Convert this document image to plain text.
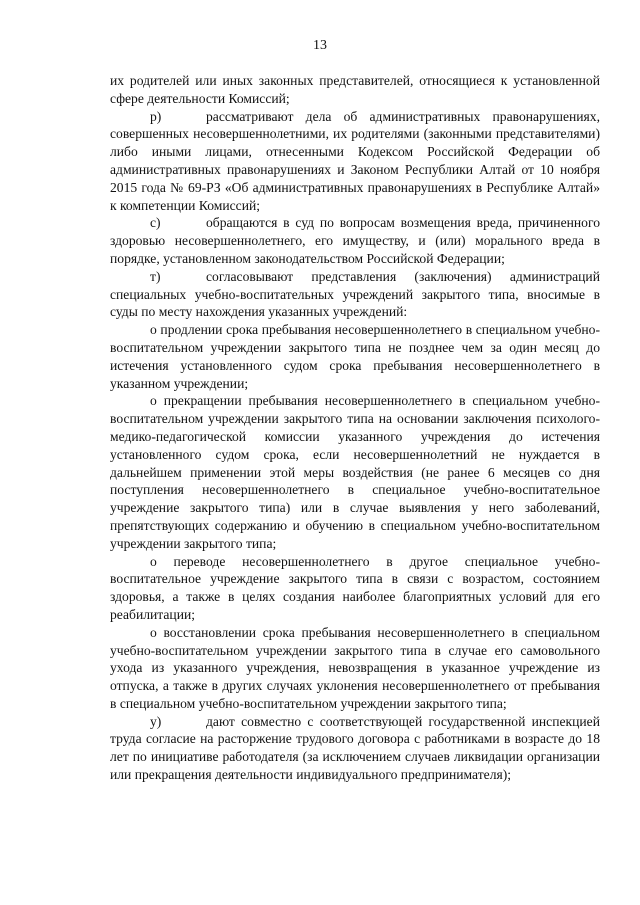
13

их родителей или иных законных представителей, относящиеся к установленной сфере деятельности Комиссий;

р)	рассматривают дела об административных правонарушениях, совершенных несовершеннолетними, их родителями (законными представителями) либо иными лицами, отнесенными Кодексом Российской Федерации об административных правонарушениях и Законом Республики Алтай от 10 ноября 2015 года № 69-РЗ «Об административных правонарушениях в Республике Алтай» к компетенции Комиссий;

с)	обращаются в суд по вопросам возмещения вреда, причиненного здоровью несовершеннолетнего, его имуществу, и (или) морального вреда в порядке, установленном законодательством Российской Федерации;

т)	согласовывают представления (заключения) администраций специальных учебно-воспитательных учреждений закрытого типа, вносимые в суды по месту нахождения указанных учреждений:

о продлении срока пребывания несовершеннолетнего в специальном учебно-воспитательном учреждении закрытого типа не позднее чем за один месяц до истечения установленного судом срока пребывания несовершеннолетнего в указанном учреждении;

о прекращении пребывания несовершеннолетнего в специальном учебно-воспитательном учреждении закрытого типа на основании заключения психолого-медико-педагогической комиссии указанного учреждения до истечения установленного судом срока, если несовершеннолетний не нуждается в дальнейшем применении этой меры воздействия (не ранее 6 месяцев со дня поступления несовершеннолетнего в специальное учебно-воспитательное учреждение закрытого типа) или в случае выявления у него заболеваний, препятствующих содержанию и обучению в специальном учебно-воспитательном учреждении закрытого типа;

о переводе несовершеннолетнего в другое специальное учебно-воспитательное учреждение закрытого типа в связи с возрастом, состоянием здоровья, а также в целях создания наиболее благоприятных условий для его реабилитации;

о восстановлении срока пребывания несовершеннолетнего в специальном учебно-воспитательном учреждении закрытого типа в случае его самовольного ухода из указанного учреждения, невозвращения в указанное учреждение из отпуска, а также в других случаях уклонения несовершеннолетнего от пребывания в специальном учебно-воспитательном учреждении закрытого типа;

у)	дают совместно с соответствующей государственной инспекцией труда согласие на расторжение трудового договора с работниками в возрасте до 18 лет по инициативе работодателя (за исключением случаев ликвидации организации или прекращения деятельности индивидуального предпринимателя);
